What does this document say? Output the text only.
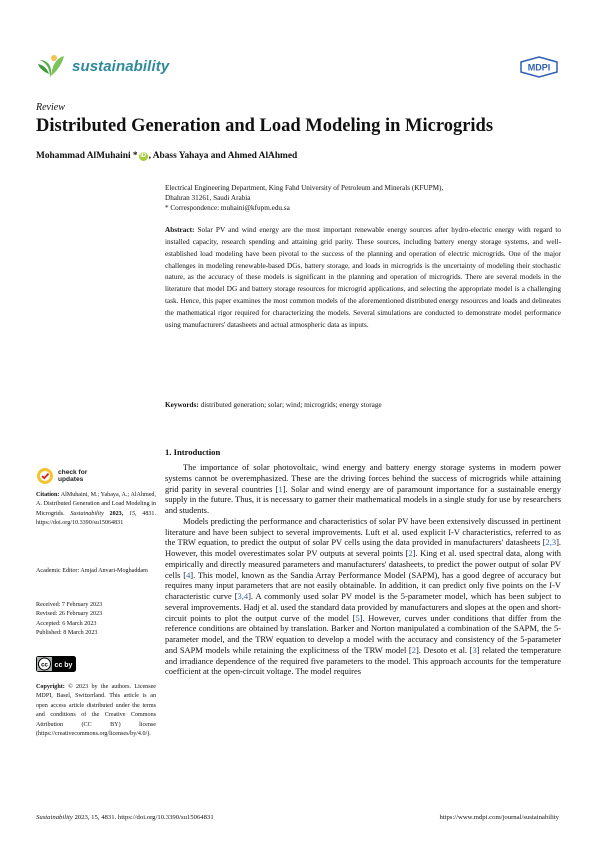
sustainability	MDPI
Review
Distributed Generation and Load Modeling in Microgrids
Mohammad AlMuhaini * iD , Abass Yahaya and Ahmed AlAhmed
Electrical Engineering Department, King Fahd University of Petroleum and Minerals (KFUPM),
Dhahran 31261, Saudi Arabia
* Correspondence: muhaini@kfupm.edu.sa
Abstract: Solar PV and wind energy are the most important renewable energy sources after hydro-electric energy with regard to installed capacity, research spending and attaining grid parity. These sources, including battery energy storage systems, and well-established load modeling have been pivotal to the success of the planning and operation of electric microgrids. One of the major challenges in modeling renewable-based DGs, battery storage, and loads in microgrids is the uncertainty of modeling their stochastic nature, as the accuracy of these models is significant in the planning and operation of microgrids. There are several models in the literature that model DG and battery storage resources for microgrid applications, and selecting the appropriate model is a challenging task. Hence, this paper examines the most common models of the aforementioned distributed energy resources and loads and delineates the mathematical rigor required for characterizing the models. Several simulations are conducted to demonstrate model performance using manufacturers' datasheets and actual atmospheric data as inputs.
Keywords: distributed generation; solar; wind; microgrids; energy storage
1. Introduction

The importance of solar photovoltaic, wind energy and battery energy storage systems in modern power systems cannot be overemphasized. These are the driving forces behind the success of microgrids while attaining grid parity in several countries [1]. Solar and wind energy are of paramount importance for a sustainable energy supply in the future. Thus, it is necessary to garner their mathematical models in a single study for use by researchers and students.

Models predicting the performance and characteristics of solar PV have been extensively discussed in pertinent literature and have been subject to several improvements. Luft et al. used explicit I-V characteristics, referred to as the TRW equation, to predict the output of solar PV cells using the data provided in manufacturers' datasheets [2,3]. However, this model overestimates solar PV outputs at several points [2]. King et al. used spectral data, along with empirically and directly measured parameters and manufacturers' datasheets, to predict the power output of solar PV cells [4]. This model, known as the Sandia Array Performance Model (SAPM), has a good degree of accuracy but requires many input parameters that are not easily obtainable. In addition, it can predict only five points on the I-V characteristic curve [3,4]. A commonly used solar PV model is the 5-parameter model, which has been subject to several improvements. Hadj et al. used the standard data provided by manufacturers and slopes at the open and short-circuit points to plot the output curve of the model [5]. However, curves under conditions that differ from the reference conditions are obtained by translation. Barker and Norton manipulated a combination of the SAPM, the 5-parameter model, and the TRW equation to develop a model with the accuracy and consistency of the 5-parameter and SAPM models while retaining the explicitness of the TRW model [2]. Desoto et al. [3] related the temperature and irradiance dependence of the required five parameters to the model. This approach accounts for the temperature coefficient at the open-circuit voltage. The model requires

check for
updates
Citation: AlMuhaini, M.; Yahaya, A.; AlAhmed, A. Distributed Generation and Load Modeling in Microgrids. Sustainability 2023, 15, 4831. https://doi.org/10.3390/su15064831
Academic Editor: Amjad Anvari-Moghaddam
Received: 7 February 2023
Revised: 26 February 2023
Accepted: 6 March 2023
Published: 8 March 2023
cc cc by
Copyright: © 2023 by the authors. Licensee MDPI, Basel, Switzerland. This article is an open access article distributed under the terms and conditions of the Creative Commons Attribution (CC BY) license (https://creativecommons.org/licenses/by/4.0/).
Sustainability 2023, 15, 4831. https://doi.org/10.3390/su15064831	https://www.mdpi.com/journal/sustainability
